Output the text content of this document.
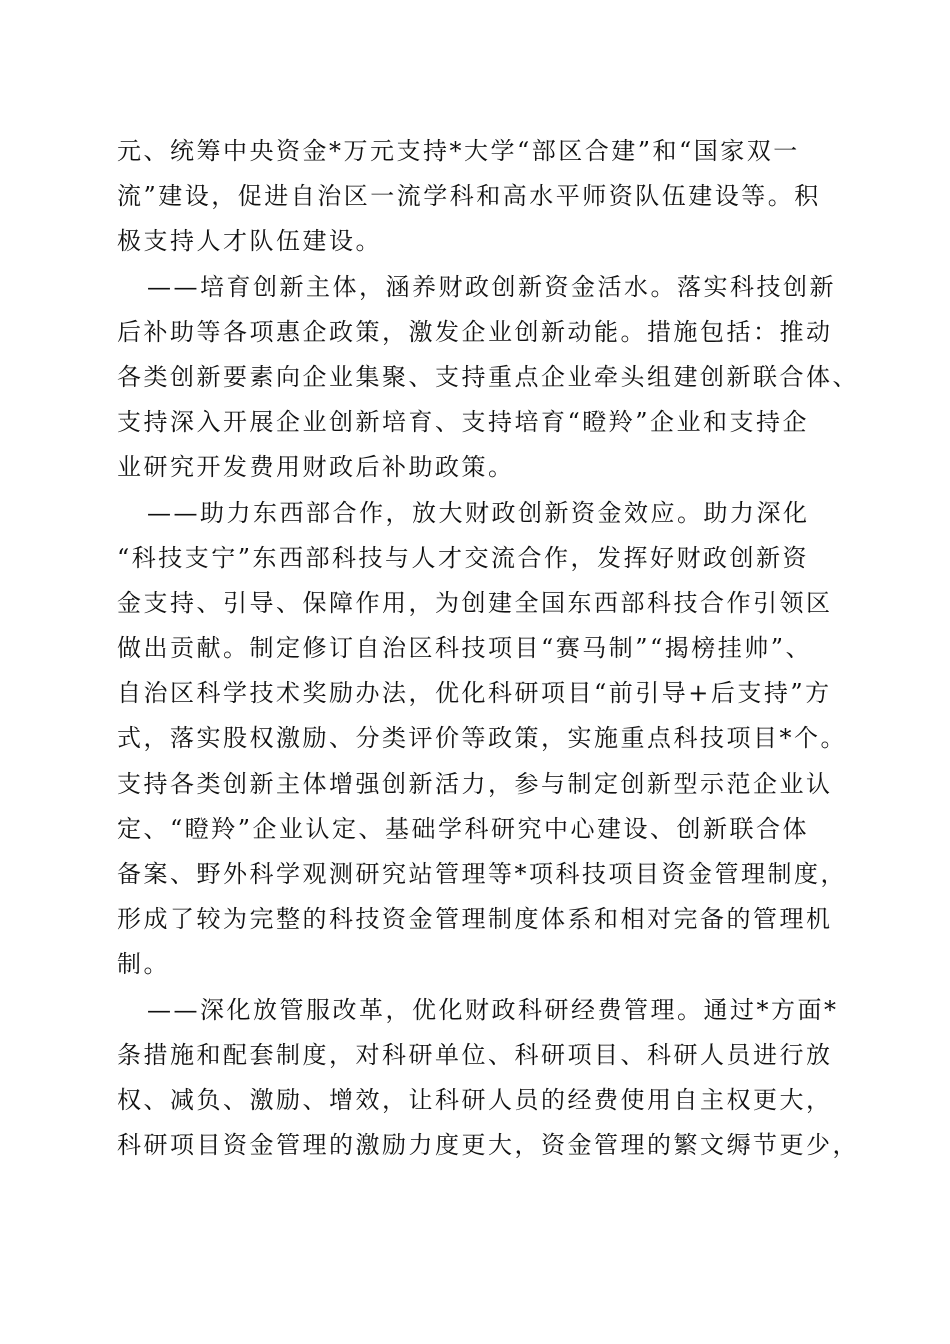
元、统筹中央资金*万元支持*大学“部区合建”和“国家双一
流”建设，促进自治区一流学科和高水平师资队伍建设等。积
极支持人才队伍建设。
——培育创新主体，涵养财政创新资金活水。落实科技创新
后补助等各项惠企政策，激发企业创新动能。措施包括：推动
各类创新要素向企业集聚、支持重点企业牵头组建创新联合体、
支持深入开展企业创新培育、支持培育“瞪羚”企业和支持企
业研究开发费用财政后补助政策。
——助力东西部合作，放大财政创新资金效应。助力深化
“科技支宁”东西部科技与人才交流合作，发挥好财政创新资
金支持、引导、保障作用，为创建全国东西部科技合作引领区
做出贡献。制定修订自治区科技项目“赛马制”“揭榜挂帅”、
自治区科学技术奖励办法，优化科研项目“前引导+后支持”方
式，落实股权激励、分类评价等政策，实施重点科技项目*个。
支持各类创新主体增强创新活力，参与制定创新型示范企业认
定、“瞪羚”企业认定、基础学科研究中心建设、创新联合体
备案、野外科学观测研究站管理等*项科技项目资金管理制度，
形成了较为完整的科技资金管理制度体系和相对完备的管理机
制。
——深化放管服改革，优化财政科研经费管理。通过*方面*
条措施和配套制度，对科研单位、科研项目、科研人员进行放
权、减负、激励、增效，让科研人员的经费使用自主权更大，
科研项目资金管理的激励力度更大，资金管理的繁文缛节更少，
